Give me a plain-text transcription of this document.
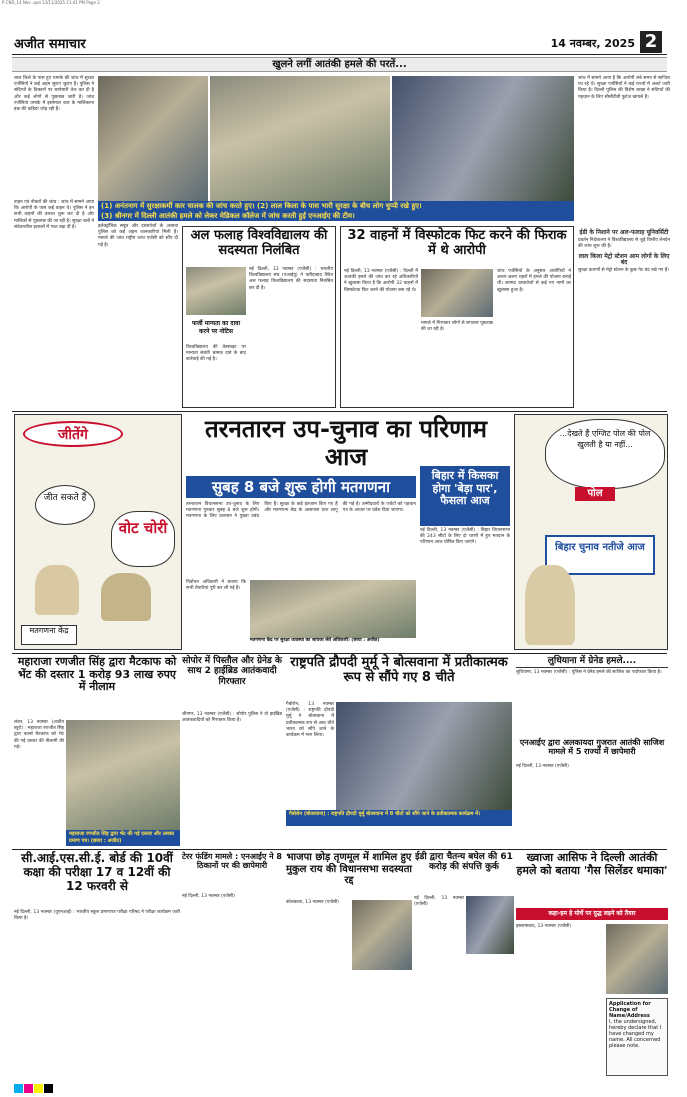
P CND_14 Nov .qxd 13/11/2025 11:41 PM Page 2
अजीत समाचार	14 नवम्बर, 2025 2
खुलने लगीं आतंकी हमले की परतें...
लाल किले के पास हुए धमाके की जांच में सुरक्षा एजेंसियों ने कई अहम सुराग जुटाए हैं। पुलिस ने संदिग्धों के ठिकानों पर छापेमारी तेज कर दी है और कई लोगों से पूछताछ जारी है। जांच एजेंसियां धमाके में इस्तेमाल कार के मालिकाना हक की कड़ियां जोड़ रही हैं।
(1) अनंतनाग में सुरक्षाकर्मी कार चालक की जांच करते हुए। (2) लाल किला के पास भारी सुरक्षा के बीच लोग चुप्पी रखे हुए।
(3) श्रीनगर में दिल्ली आतंकी हमले को लेकर मेडिकल कॉलेज में जांच करती हुई एनआईए की टीम।
जांच में सामने आया है कि आरोपी लंबे समय से साजिश रच रहे थे। सुरक्षा एजेंसियों ने कई राज्यों में अलर्ट जारी किया है। दिल्ली पुलिस की विशेष शाखा ने संदिग्धों की पहचान के लिए सीसीटीवी फुटेज खंगाले हैं।
वाहन एवं नौकरों की जांच : जांच में सामने आया कि आरोपी के पास कई वाहन थे। पुलिस ने इन सभी वाहनों की तलाश शुरू कर दी है और मालिकों से पूछताछ की जा रही है। सुरक्षा बलों ने संवेदनशील इलाकों में गश्त बढ़ा दी है।	इलेक्ट्रॉनिक सबूत और दस्तावेजों के अलावा पुलिस को कई अहम जानकारियां मिली हैं। मामले की जांच राष्ट्रीय जांच एजेंसी को सौंप दी गई है।
अल फलाह विश्वविद्यालय की सदस्यता निलंबित
नई दिल्ली, 13 नवम्बर (एजेंसी) : भारतीय विश्वविद्यालय संघ (एआईयू) ने फरीदाबाद स्थित अल फलाह विश्वविद्यालय की सदस्यता निलंबित कर दी है।
फर्जी मान्यता का दावा करने पर नोटिस
विश्वविद्यालय की वेबसाइट पर मान्यता संबंधी भ्रामक दावे के बाद कार्रवाई की गई है।
32 वाहनों में विस्फोटक फिट करने की फिराक में थे आरोपी
नई दिल्ली, 13 नवम्बर (एजेंसी) : दिल्ली में आतंकी हमले की जांच कर रहे अधिकारियों ने खुलासा किया है कि आरोपी 32 वाहनों में विस्फोटक फिट करने की योजना बना रहे थे।
जांच एजेंसियों के अनुसार आरोपियों ने अलग-अलग शहरों में हमले की योजना बनाई थी। बरामद दस्तावेजों से कई नए नामों का खुलासा हुआ है।
मामले में गिरफ्तार लोगों से लगातार पूछताछ की जा रही है।
ईडी के निशाने पर अल-फलाह यूनिवर्सिटी
प्रवर्तन निदेशालय ने विश्वविद्यालय से जुड़े वित्तीय लेनदेन की जांच शुरू की है।
लाल किला मेट्रो स्टेशन आम लोगों के लिए बंद
सुरक्षा कारणों से मेट्रो स्टेशन के कुछ गेट बंद रखे गए हैं।
जीतेंगे
जीत सकते हैं
वोट चोरी
मतगणना केंद्र
तरनतारन उप-चुनाव का परिणाम आज
सुबह 8 बजे शुरू होगी मतगणना
बिहार में किसका होगा 'बेड़ा पार', फैसला आज
नई दिल्ली, 13 नवम्बर (एजेंसी) : बिहार विधानसभा की 243 सीटों के लिए दो चरणों में हुए मतदान के परिणाम आज घोषित किए जाएंगे।
तरनतारन विधानसभा उप-चुनाव के लिए मतगणना गुरुवार सुबह 8 बजे शुरू होगी। मतगणना के लिए प्रशासन ने पुख्ता प्रबंध किए हैं। सुरक्षा के कड़े इंतजाम किए गए हैं और मतगणना केंद्र के आसपास धारा लागू की गई है। उम्मीदवारों के एजेंटों को पहचान पत्र के आधार पर प्रवेश दिया जाएगा।
निर्वाचन अधिकारी ने बताया कि सभी तैयारियां पूरी कर ली गई हैं।
मतगणना केंद्र पर सुरक्षा व्यवस्था का जायजा लेते अधिकारी। (छाया : अजीत)
...देखते हैं एग्जिट पोल की पोल खुलती है या नहीं...
पोल
बिहार चुनाव नतीजे आज
महाराजा रणजीत सिंह द्वारा मैटकाफ को भेंट की दस्तार 1 करोड़ 93 लाख रुपए में नीलाम
लंदन, 13 नवम्बर (अजीत ब्यूरो) : महाराजा रणजीत सिंह द्वारा चार्ल्स मैटकाफ को भेंट की गई दस्तार की नीलामी की गई।
महाराजा रणजीत सिंह द्वारा भेंट की गई दस्तार और उसका प्रमाण पत्र। (छाया : अजीत)
सोपोर में पिस्तौल और ग्रेनेड के साथ 2 हाईब्रिड आतंकवादी गिरफ्तार
श्रीनगर, 13 नवम्बर (एजेंसी) : सोपोर पुलिस ने दो हाईब्रिड आतंकवादियों को गिरफ्तार किया है।
राष्ट्रपति द्रौपदी मुर्मू ने बोत्सवाना में प्रतीकात्मक रूप से सौंपे गए 8 चीते
गैबोरोन, 13 नवम्बर (एजेंसी) : राष्ट्रपति द्रौपदी मुर्मू ने बोत्सवाना में प्रतीकात्मक रूप से आठ चीते भारत को सौंपे जाने के कार्यक्रम में भाग लिया।
गैबोरोन (बोत्सवाना) : राष्ट्रपति द्रौपदी मुर्मू बोत्सवाना में 8 चीतों को सौंपे जाने के प्रतीकात्मक कार्यक्रम में।
लुधियाना में ग्रेनेड हमले....
लुधियाना, 13 नवम्बर (एजेंसी) : पुलिस ने ग्रेनेड हमले की साजिश का पर्दाफाश किया है।
एनआईए द्वारा अलकायदा गुजरात आतंकी साजिश मामले में 5 राज्यों में छापेमारी
नई दिल्ली, 13 नवम्बर (एजेंसी)
सी.आई.एस.सी.ई. बोर्ड की 10वीं कक्षा की परीक्षा 17 व 12वीं की 12 फरवरी से
नई दिल्ली, 13 नवम्बर (यूएनआई) : भारतीय स्कूल प्रमाणपत्र परीक्षा परिषद ने परीक्षा कार्यक्रम जारी किया है।
टेरर फंडिंग मामले : एनआईए ने 8 ठिकानों पर की छापेमारी
नई दिल्ली, 13 नवम्बर (एजेंसी)
भाजपा छोड़ तृणमूल में शामिल हुए मुकुल राय की विधानसभा सदस्यता रद्द
कोलकाता, 13 नवम्बर (एजेंसी)
ईडी द्वारा चैतन्य बघेल की 61 करोड़ की संपत्ति कुर्क
नई दिल्ली, 13 नवम्बर (एजेंसी)
ख्वाजा आसिफ ने दिल्ली आतंकी हमले को बताया 'गैस सिलेंडर धमाका'
कहा-हम हे मोर्चे पर युद्ध लड़ने को तैयार
इस्लामाबाद, 13 नवम्बर (एजेंसी)
Application for Change of Name/Address
I, the undersigned, hereby declare that I have changed my name. All concerned please note.
